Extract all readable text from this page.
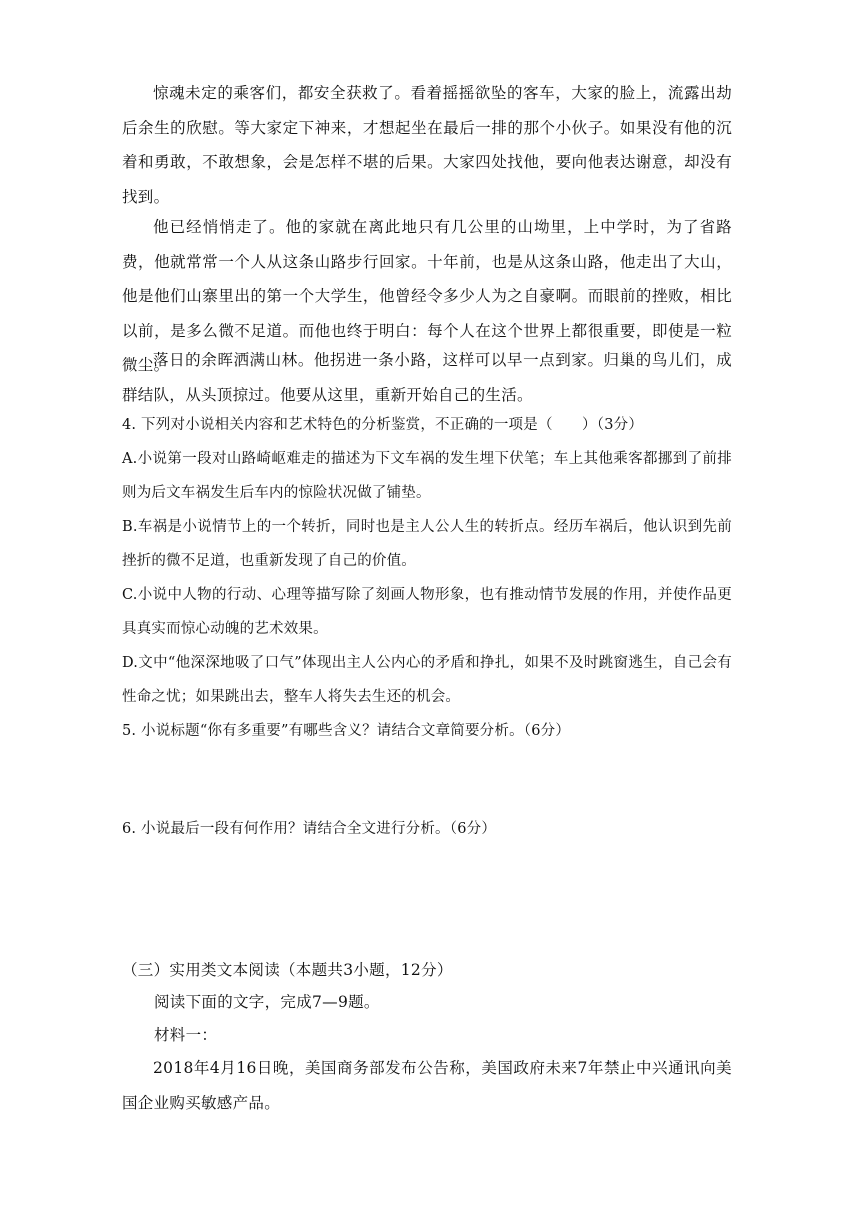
惊魂未定的乘客们，都安全获救了。看着摇摇欲坠的客车，大家的脸上，流露出劫后余生的欣慰。等大家定下神来，才想起坐在最后一排的那个小伙子。如果没有他的沉着和勇敢，不敢想象，会是怎样不堪的后果。大家四处找他，要向他表达谢意，却没有找到。

他已经悄悄走了。他的家就在离此地只有几公里的山坳里，上中学时，为了省路费，他就常常一个人从这条山路步行回家。十年前，也是从这条山路，他走出了大山，他是他们山寨里出的第一个大学生，他曾经令多少人为之自豪啊。而眼前的挫败，相比以前，是多么微不足道。而他也终于明白：每个人在这个世界上都很重要，即使是一粒微尘。

落日的余晖洒满山林。他拐进一条小路，这样可以早一点到家。归巢的鸟儿们，成群结队，从头顶掠过。他要从这里，重新开始自己的生活。

4. 下列对小说相关内容和艺术特色的分析鉴赏，不正确的一项是（　　）（3分）

A.小说第一段对山路崎岖难走的描述为下文车祸的发生埋下伏笔；车上其他乘客都挪到了前排则为后文车祸发生后车内的惊险状况做了铺垫。

B.车祸是小说情节上的一个转折，同时也是主人公人生的转折点。经历车祸后，他认识到先前挫折的微不足道，也重新发现了自己的价值。

C.小说中人物的行动、心理等描写除了刻画人物形象，也有推动情节发展的作用，并使作品更具真实而惊心动魄的艺术效果。

D.文中“他深深地吸了口气”体现出主人公内心的矛盾和挣扎，如果不及时跳窗逃生，自己会有性命之忧；如果跳出去，整车人将失去生还的机会。

5. 小说标题“你有多重要”有哪些含义？请结合文章简要分析。（6分）

6. 小说最后一段有何作用？请结合全文进行分析。（6分）

（三）实用类文本阅读（本题共3小题，12分）

阅读下面的文字，完成7—9题。

材料一：

2018年4月16日晚，美国商务部发布公告称，美国政府未来7年禁止中兴通讯向美国企业购买敏感产品。
